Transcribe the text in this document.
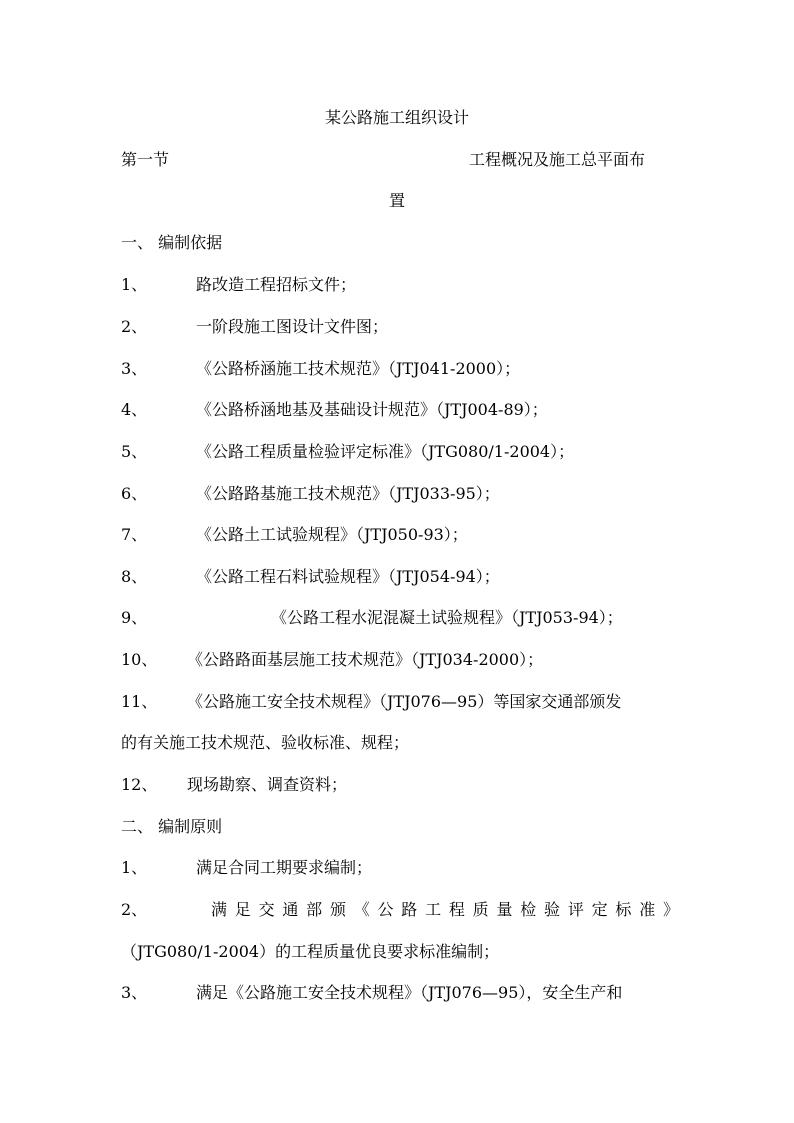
某公路施工组织设计
第一节	工程概况及施工总平面布
置
一、 编制依据
1、	路改造工程招标文件；
2、	一阶段施工图设计文件图；
3、	《公路桥涵施工技术规范》（JTJ041-2000）；
4、	《公路桥涵地基及基础设计规范》（JTJ004-89）；
5、	《公路工程质量检验评定标准》（JTG080/1-2004）；
6、	《公路路基施工技术规范》（JTJ033-95）；
7、	《公路土工试验规程》（JTJ050-93）；
8、	《公路工程石料试验规程》（JTJ054-94）；
9、	《公路工程水泥混凝土试验规程》（JTJ053-94）；
10、 《公路路面基层施工技术规范》（JTJ034-2000）；
11、 《公路施工安全技术规程》（JTJ076—95）等国家交通部颁发
的有关施工技术规范、验收标准、规程；
12、 现场勘察、调查资料；
二、 编制原则
1、	满足合同工期要求编制；
2、	满足交通部颁《公路工程质量检验评定标准》
（JTG080/1-2004）的工程质量优良要求标准编制；
3、	满足《公路施工安全技术规程》（JTJ076—95），安全生产和
